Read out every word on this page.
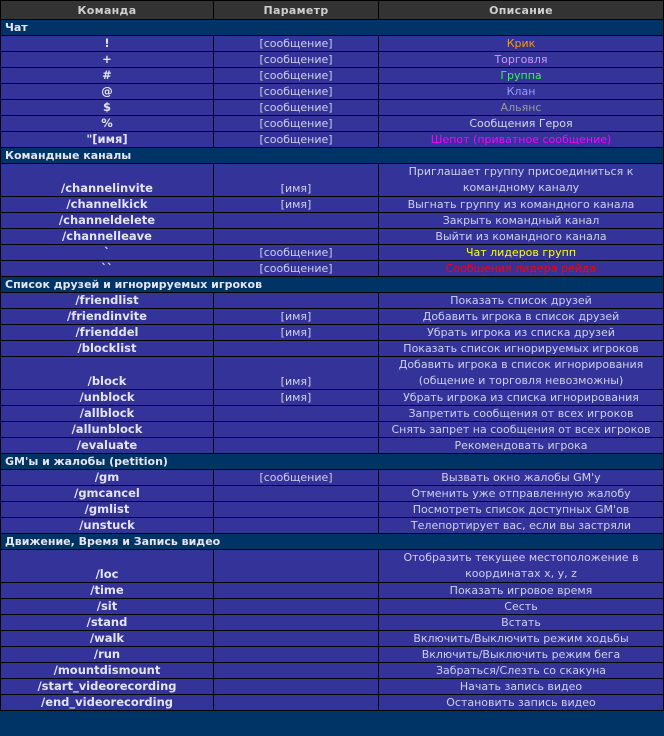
Команда	Параметр	Описание
Чат		
!	[сообщение]	Крик
+	[сообщение]	Торговля
#	[сообщение]	Группа
@	[сообщение]	Клан
$	[сообщение]	Альянс
%	[сообщение]	Сообщения Героя
"[имя]	[сообщение]	Шепот (приватное сообщение)
Командные каналы		
/channelinvite	[имя]	Приглашает группу присоединиться к командному каналу
/channelkick	[имя]	Выгнать группу из командного канала
/channeldelete		Закрыть командный канал
/channelleave		Выйти из командного канала
`	[сообщение]	Чат лидеров групп
``	[сообщение]	Сообщения лидера рейда
Список друзей и игнорируемых игроков		
/friendlist		Показать список друзей
/friendinvite	[имя]	Добавить игрока в список друзей
/frienddel	[имя]	Убрать игрока из списка друзей
/blocklist		Показать список игнорируемых игроков
/block	[имя]	Добавить игрока в список игнорирования (общение и торговля невозможны)
/unblock	[имя]	Убрать игрока из списка игнорирования
/allblock		Запретить сообщения от всех игроков
/allunblock		Снять запрет на сообщения от всех игроков
/evaluate		Рекомендовать игрока
GM'ы и жалобы (petition)		
/gm	[сообщение]	Вызвать окно жалобы GM'у
/gmcancel		Отменить уже отправленную жалобу
/gmlist		Посмотреть список доступных GM'ов
/unstuck		Телепортирует вас, если вы застряли
Движение, Время и Запись видео		
/loc		Отобразить текущее местоположение в координатах x, y, z
/time		Показать игровое время
/sit		Сесть
/stand		Встать
/walk		Включить/Выключить режим ходьбы
/run		Включить/Выключить режим бега
/mountdismount		Забраться/Слезть со скакуна
/start_videorecording		Начать запись видео
/end_videorecording		Остановить запись видео
